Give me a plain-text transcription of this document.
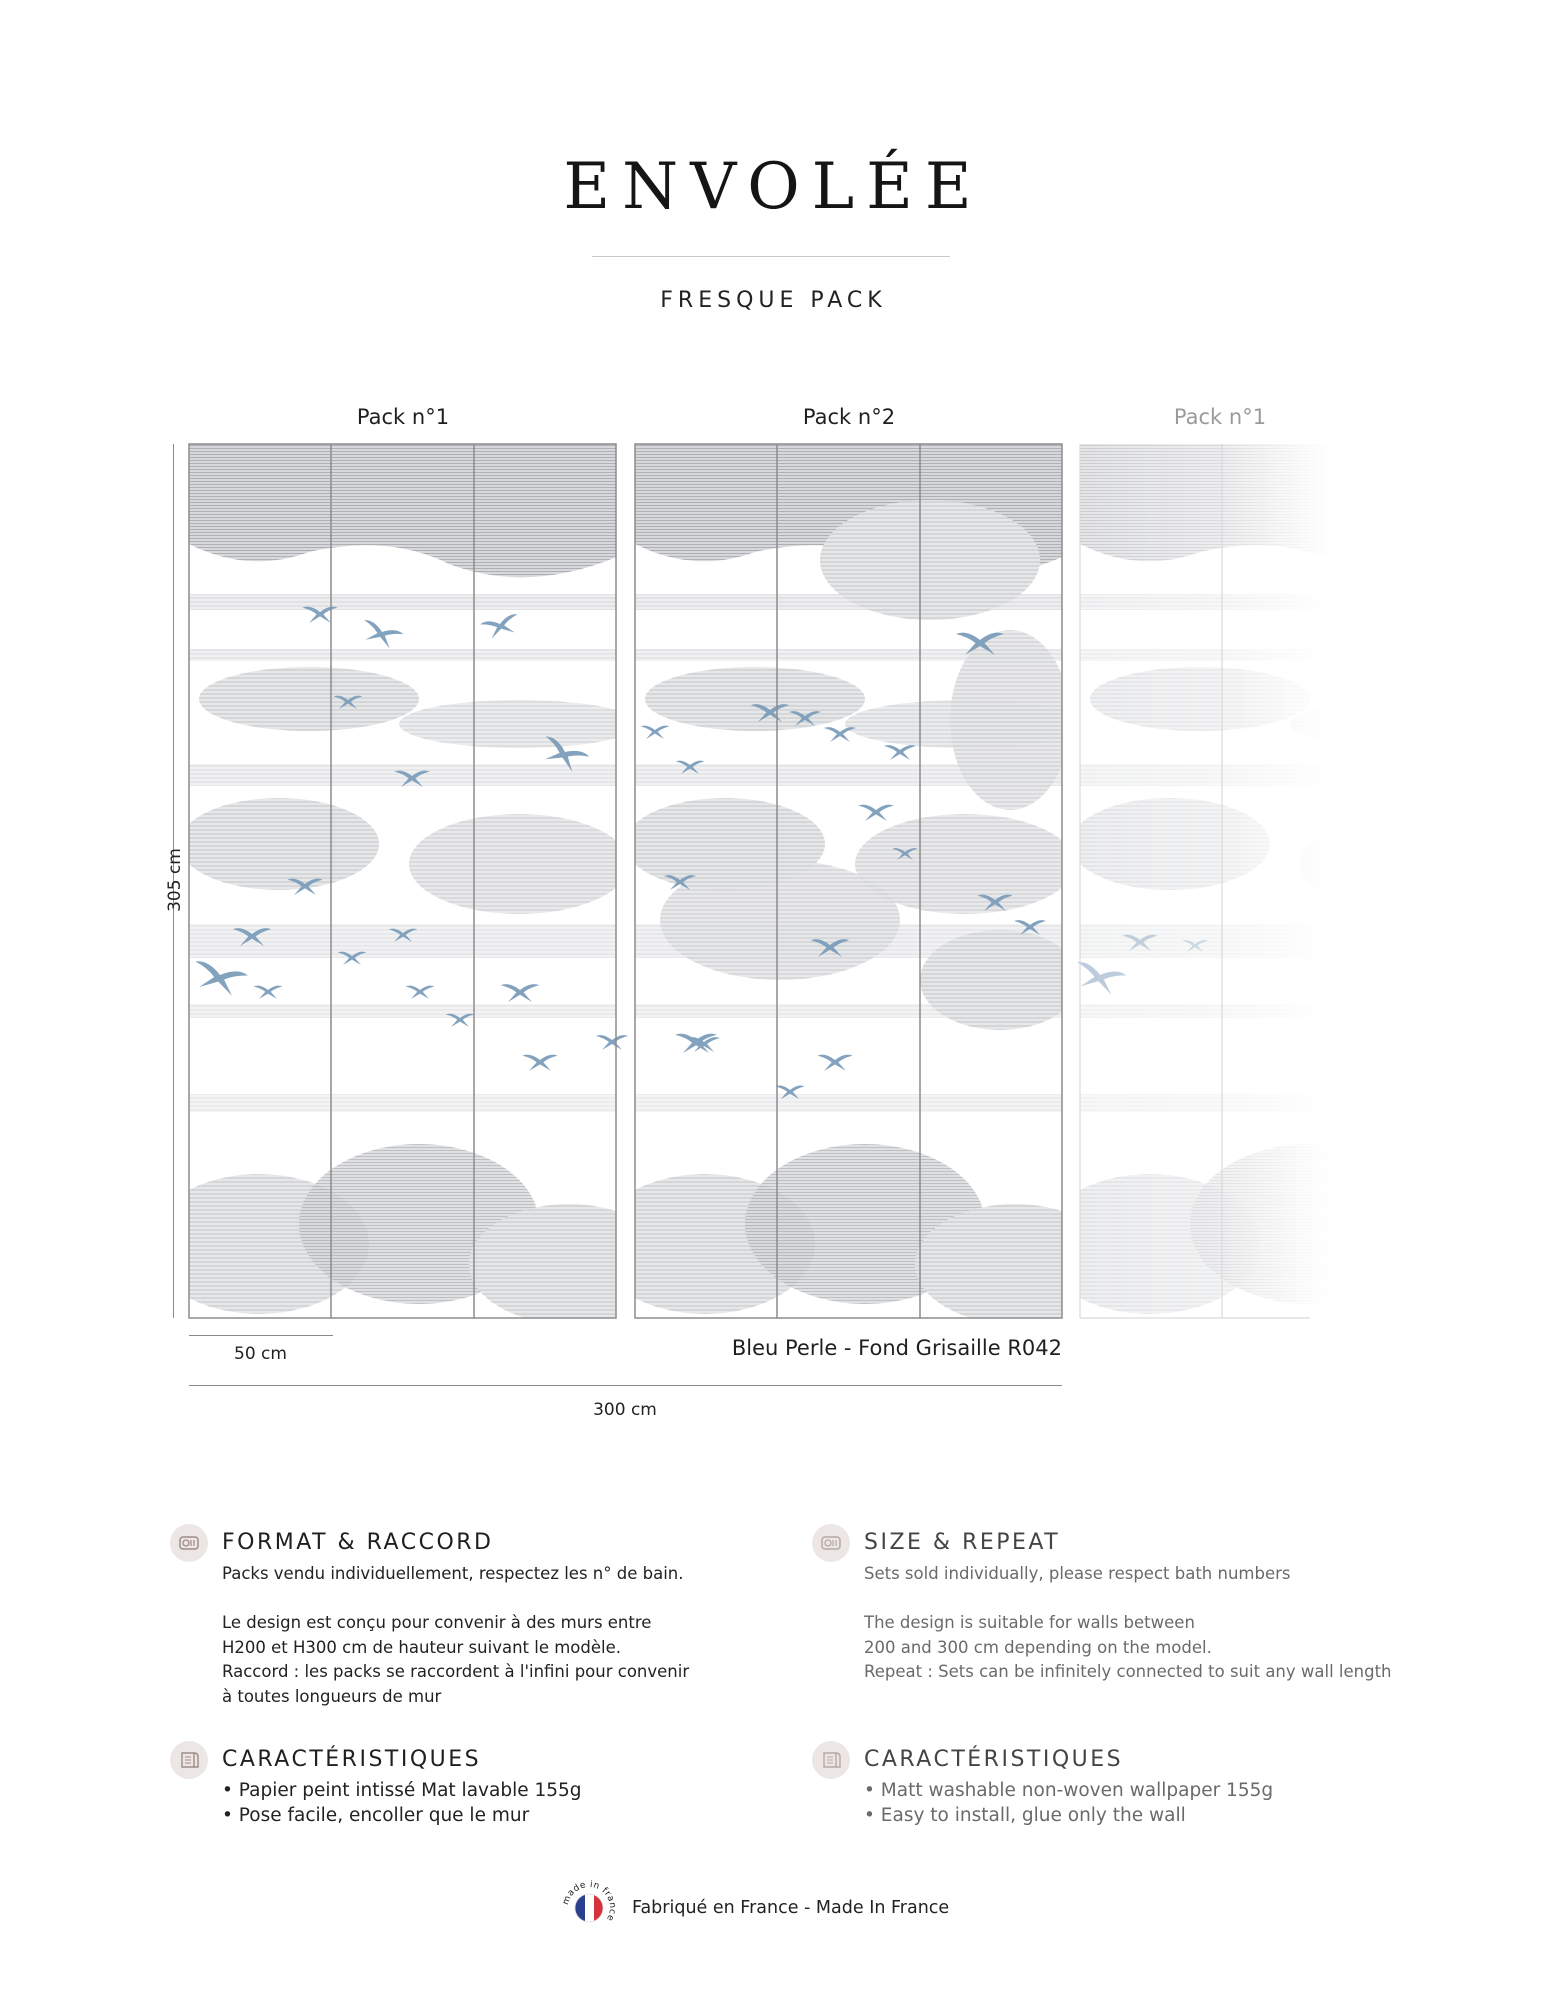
ENVOLÉE
FRESQUE PACK
Pack n°1	Pack n°2	Pack n°1
305 cm
50 cm	Bleu Perle - Fond Grisaille R042
300 cm
FORMAT & RACCORD
Packs vendu individuellement, respectez les n° de bain.
Le design est conçu pour convenir à des murs entre
H200 et H300 cm de hauteur suivant le modèle.
Raccord : les packs se raccordent à l'infini pour convenir
à toutes longueurs de mur
SIZE & REPEAT
Sets sold individually, please respect bath numbers
The design is suitable for walls between
200 and 300 cm depending on the model.
Repeat : Sets can be infinitely connected to suit any wall length
CARACTÉRISTIQUES
• Papier peint intissé Mat lavable 155g
• Pose facile, encoller que le mur
CARACTÉRISTIQUES
• Matt washable non-woven wallpaper 155g
• Easy to install, glue only the wall
made in france Fabriqué en France - Made In France
